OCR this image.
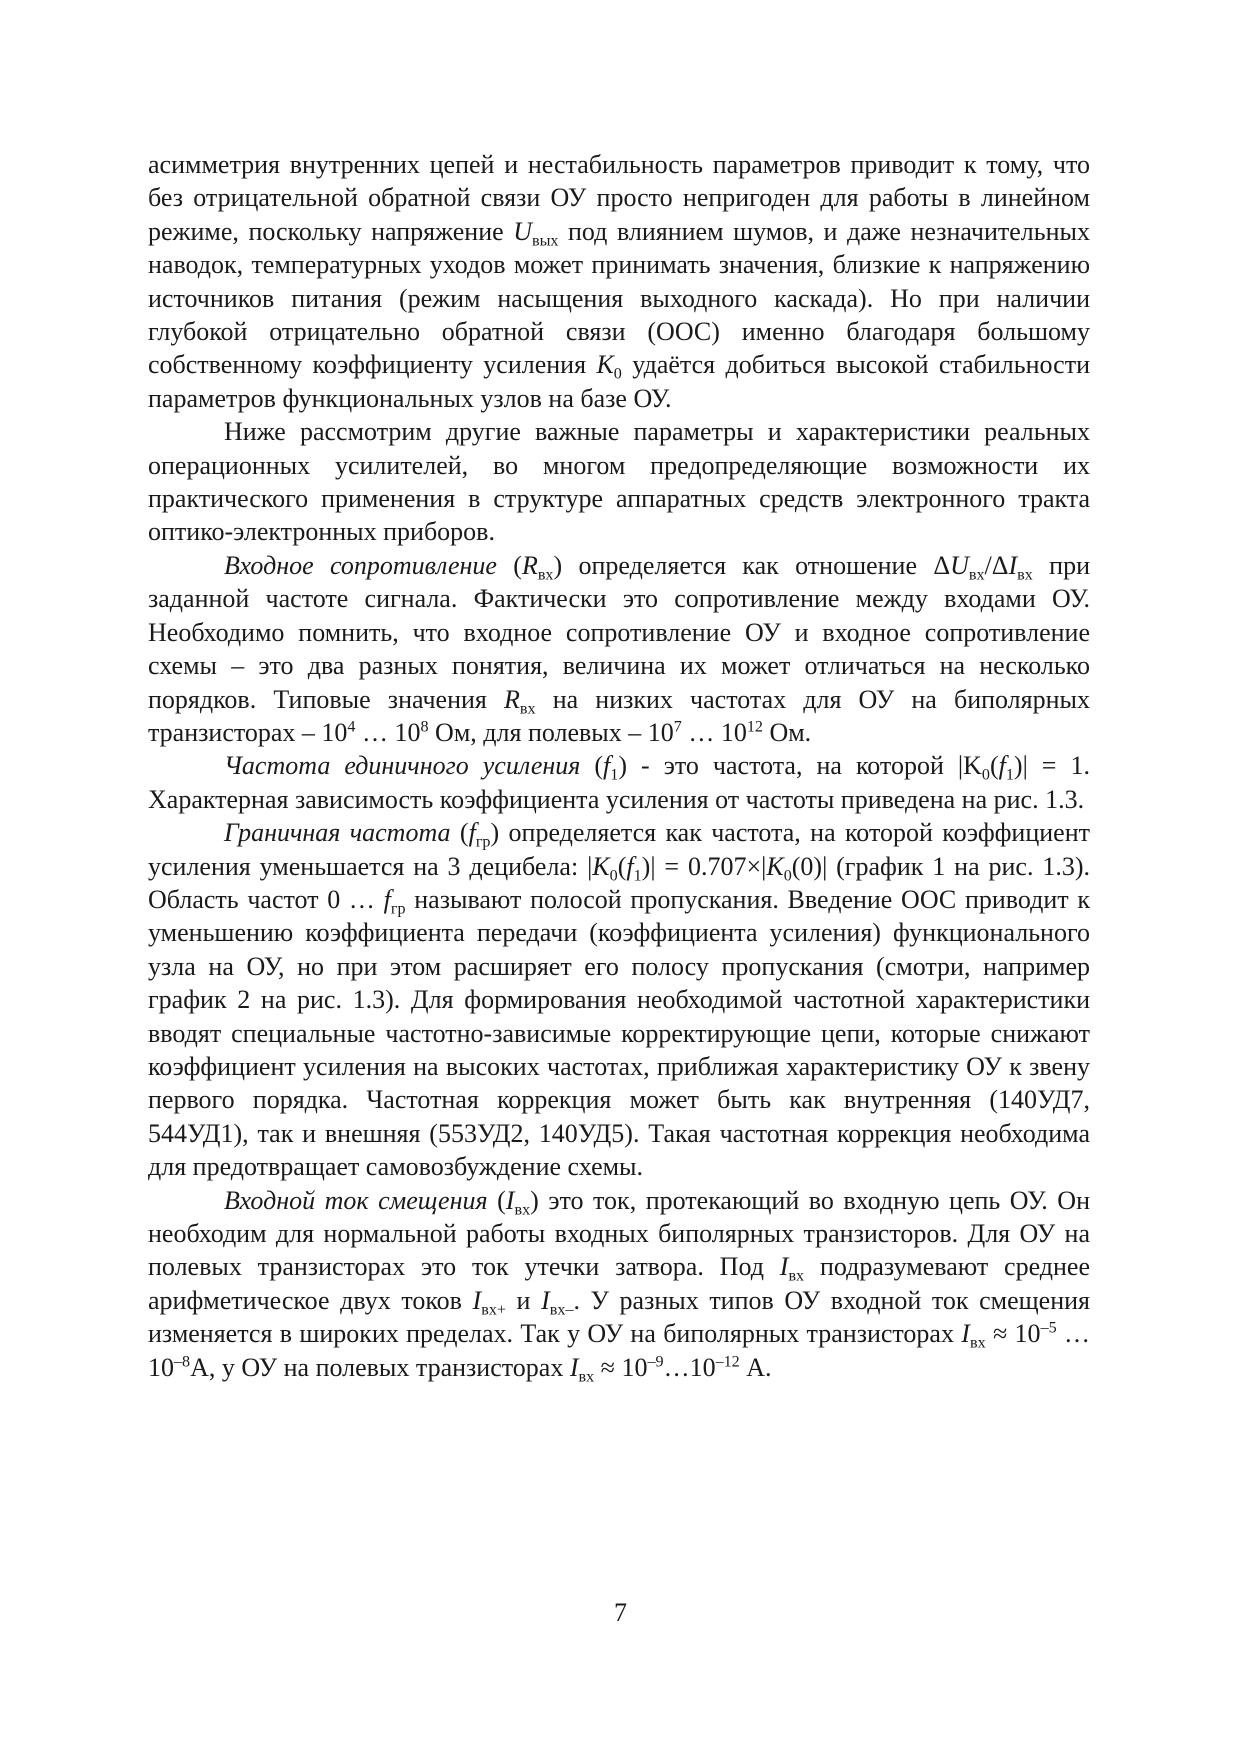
асимметрия внутренних цепей и нестабильность параметров приводит к тому, что без отрицательной обратной связи ОУ просто непригоден для работы в линейном режиме, поскольку напряжение $U_{вых}$ под влиянием шумов, и даже незначительных наводок, температурных уходов может принимать значения, близкие к напряжению источников питания (режим насыщения выходного каскада). Но при наличии глубокой отрицательно обратной связи (ООС) именно благодаря большому собственному коэффициенту усиления $K_0$ удаётся добиться высокой стабильности параметров функциональных узлов на базе ОУ.

Ниже рассмотрим другие важные параметры и характеристики реальных операционных усилителей, во многом предопределяющие возможности их практического применения в структуре аппаратных средств электронного тракта оптико-электронных приборов.

Входное сопротивление $(R_{вх})$ определяется как отношение $\Delta U_{вх}/\Delta I_{вх}$ при заданной частоте сигнала. Фактически это сопротивление между входами ОУ. Необходимо помнить, что входное сопротивление ОУ и входное сопротивление схемы – это два разных понятия, величина их может отличаться на несколько порядков. Типовые значения $R_{вх}$ на низких частотах для ОУ на биполярных транзисторах – $10^4$ … $10^8$ Ом, для полевых – $10^7$ … $10^{12}$ Ом.

Частота единичного усиления $(f_1)$ - это частота, на которой $|K_0(f_1)| = 1$. Характерная зависимость коэффициента усиления от частоты приведена на рис. 1.3.

Граничная частота $(f_{гр})$ определяется как частота, на которой коэффициент усиления уменьшается на 3 децибела: $|K_0(f_1)| = 0.707\times|K_0(0)|$ (график 1 на рис. 1.3). Область частот 0 … $f_{гр}$ называют полосой пропускания. Введение ООС приводит к уменьшению коэффициента передачи (коэффициента усиления) функционального узла на ОУ, но при этом расширяет его полосу пропускания (смотри, например график 2 на рис. 1.3). Для формирования необходимой частотной характеристики вводят специальные частотно-зависимые корректирующие цепи, которые снижают коэффициент усиления на высоких частотах, приближая характеристику ОУ к звену первого порядка. Частотная коррекция может быть как внутренняя (140УД7, 544УД1), так и внешняя (553УД2, 140УД5). Такая частотная коррекция необходима для предотвращает самовозбуждение схемы.

Входной ток смещения $(I_{вх})$ это ток, протекающий во входную цепь ОУ. Он необходим для нормальной работы входных биполярных транзисторов. Для ОУ на полевых транзисторах это ток утечки затвора. Под $I_{вх}$ подразумевают среднее арифметическое двух токов $I_{вх+}$ и $I_{вх-}$. У разных типов ОУ входной ток смещения изменяется в широких пределах. Так у ОУ на биполярных транзисторах $I_{вх} \approx 10^{-5}$ … $10^{-8}А$, у ОУ на полевых транзисторах $I_{вх}$ ≈ $10^{-9}\dots 10^{-12}$ А.

7
